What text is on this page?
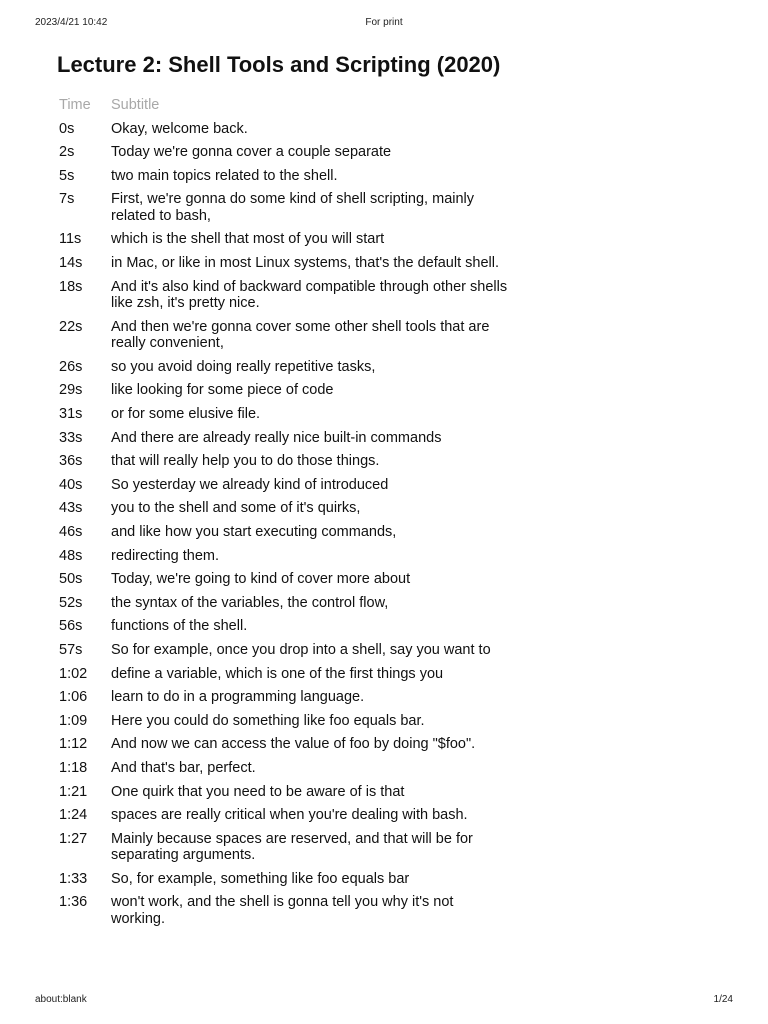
2023/4/21 10:42	For print
Lecture 2: Shell Tools and Scripting (2020)
Time	Subtitle
0s	Okay, welcome back.
2s	Today we're gonna cover a couple separate
5s	two main topics related to the shell.
7s	First, we're gonna do some kind of shell scripting, mainly related to bash,
11s	which is the shell that most of you will start
14s	in Mac, or like in most Linux systems, that's the default shell.
18s	And it's also kind of backward compatible through other shells like zsh, it's pretty nice.
22s	And then we're gonna cover some other shell tools that are really convenient,
26s	so you avoid doing really repetitive tasks,
29s	like looking for some piece of code
31s	or for some elusive file.
33s	And there are already really nice built-in commands
36s	that will really help you to do those things.
40s	So yesterday we already kind of introduced
43s	you to the shell and some of it's quirks,
46s	and like how you start executing commands,
48s	redirecting them.
50s	Today, we're going to kind of cover more about
52s	the syntax of the variables, the control flow,
56s	functions of the shell.
57s	So for example, once you drop into a shell, say you want to
1:02	define a variable, which is one of the first things you
1:06	learn to do in a programming language.
1:09	Here you could do something like foo equals bar.
1:12	And now we can access the value of foo by doing "$foo".
1:18	And that's bar, perfect.
1:21	One quirk that you need to be aware of is that
1:24	spaces are really critical when you're dealing with bash.
1:27	Mainly because spaces are reserved, and that will be for separating arguments.
1:33	So, for example, something like foo equals bar
1:36	won't work, and the shell is gonna tell you why it's not working.
about:blank	1/24
